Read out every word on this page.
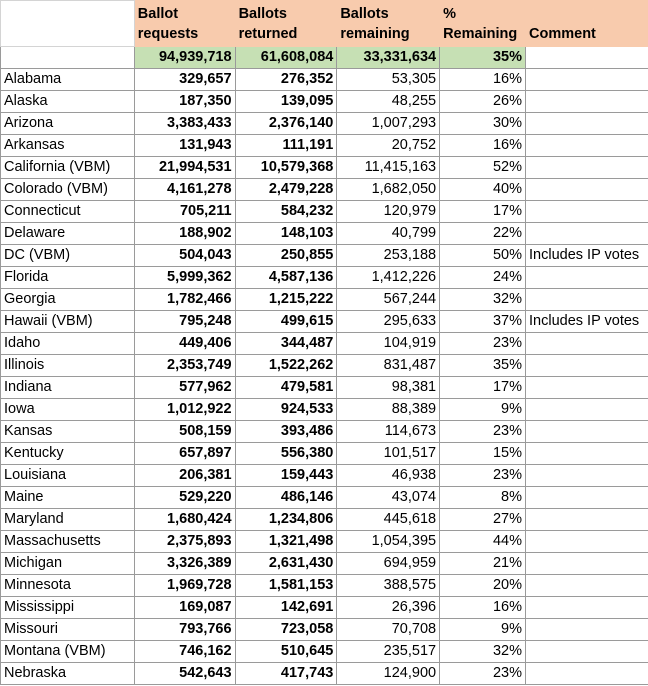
	Ballot requests	Ballots returned	Ballots remaining	% Remaining	Comment
	94,939,718	61,608,084	33,331,634	35%	
Alabama	329,657	276,352	53,305	16%	
Alaska	187,350	139,095	48,255	26%	
Arizona	3,383,433	2,376,140	1,007,293	30%	
Arkansas	131,943	111,191	20,752	16%	
California (VBM)	21,994,531	10,579,368	11,415,163	52%	
Colorado (VBM)	4,161,278	2,479,228	1,682,050	40%	
Connecticut	705,211	584,232	120,979	17%	
Delaware	188,902	148,103	40,799	22%	
DC (VBM)	504,043	250,855	253,188	50%	Includes IP votes
Florida	5,999,362	4,587,136	1,412,226	24%	
Georgia	1,782,466	1,215,222	567,244	32%	
Hawaii (VBM)	795,248	499,615	295,633	37%	Includes IP votes
Idaho	449,406	344,487	104,919	23%	
Illinois	2,353,749	1,522,262	831,487	35%	
Indiana	577,962	479,581	98,381	17%	
Iowa	1,012,922	924,533	88,389	9%	
Kansas	508,159	393,486	114,673	23%	
Kentucky	657,897	556,380	101,517	15%	
Louisiana	206,381	159,443	46,938	23%	
Maine	529,220	486,146	43,074	8%	
Maryland	1,680,424	1,234,806	445,618	27%	
Massachusetts	2,375,893	1,321,498	1,054,395	44%	
Michigan	3,326,389	2,631,430	694,959	21%	
Minnesota	1,969,728	1,581,153	388,575	20%	
Mississippi	169,087	142,691	26,396	16%	
Missouri	793,766	723,058	70,708	9%	
Montana (VBM)	746,162	510,645	235,517	32%	
Nebraska	542,643	417,743	124,900	23%	
